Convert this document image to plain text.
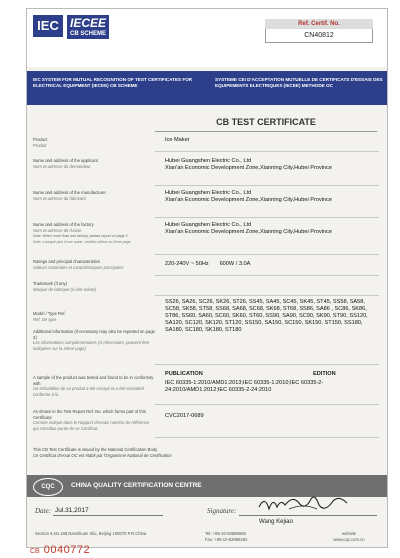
IEC IECEE
CB SCHEME
Ref. Certif. No.
CN40812
IEC SYSTEM FOR MUTUAL RECOGNITION OF TEST CERTIFICATES FOR ELECTRICAL EQUIPMENT (IECEE) CB SCHEME
SYSTEME CEI D'ACCEPTATION MUTUELLE DE CERTIFICATS D'ESSAIS DES EQUIPEMENTS ELECTRIQUES (IECEE) METHODE OC
CB TEST CERTIFICATE
Product
Produit
Ice Maker
Name and address of the applicant
Nom et adresse du demandeur
Hubei Guangshen Electric Co., Ltd
Xian'an Economic Development Zone,Xianning City,Hubei Province
Name and address of the manufacturer
Nom et adresse du fabricant
Hubei Guangshen Electric Co., Ltd
Xian'an Economic Development Zone,Xianning City,Hubei Province
Name and address of the factory
Nom et adresse de l'usine
Note: When more than one factory, please report on page 2
Note: Lorsque plus d'une usine, veuillez utiliser la 2ème page
Hubei Guangshen Electric Co., Ltd
Xian'an Economic Development Zone,Xianning City,Hubei Province
Ratings and principal characteristics
Valeurs nominales et caractéristiques principales	220-240V ~ 50Hz       600W / 3.0A
Trademark (if any)
Marque de fabrique (si elle existe)
Model / Type Ref.
Ref. De type
SS26, SA26, SC26, SK26, ST26, SS45, SA45, SC45, SK45, ST45, SS58, SA58, SC58, SK58, ST58, SS68, SA68, SC68, SK68, ST68, SS86, SA86 , SC86, SK86, ST86, SS60, SA60, SC60, SK60, ST60, SS90, SA90, SC90, SK90, ST90, SS120, SA120, SC120, SK120, ST120, SS150, SA150, SC150, SK150, ST150, SS180, SA180, SC180, SK180, ST180
Additional information (if necessary may also be reported on page 2)
Les informations complémentaires (si nécessaire, peuvent être indiquées sur la 2ème page)
PUBLICATION	EDITION
IEC 60335-1:2010/AMD1:2013;IEC 60335-1:2010;IEC 60335-2-24:2010/AMD1:2012;IEC 60335-2-24:2010
A sample of the product was tested and found to be in conformity with
Un échantillon de ce produit a été essayé et a été considéré conforme à la
As shown in the Test Report Ref. No. which forms part of this Certificate
Comme indiqué dans le Rapport d'essais numéro de référence qui constitue partie de ce Certificat
CVC2017-0689
This CB Test Certificate is issued by the National Certification Body
Ce Certificat d'essai OC est établi par l'Organisme National de Certification
CQC	CHINA QUALITY CERTIFICATION CENTRE
Date: Jul.31,2017	Signature:
Wang Kejiao
Section 9,No.188,Nansihuan Xilu, Beijing 100070 P.R.China	Tel: +86-10-83886666
Fax: +86-10-83886282
website
www.cqc.com.cn
CB 0040772
